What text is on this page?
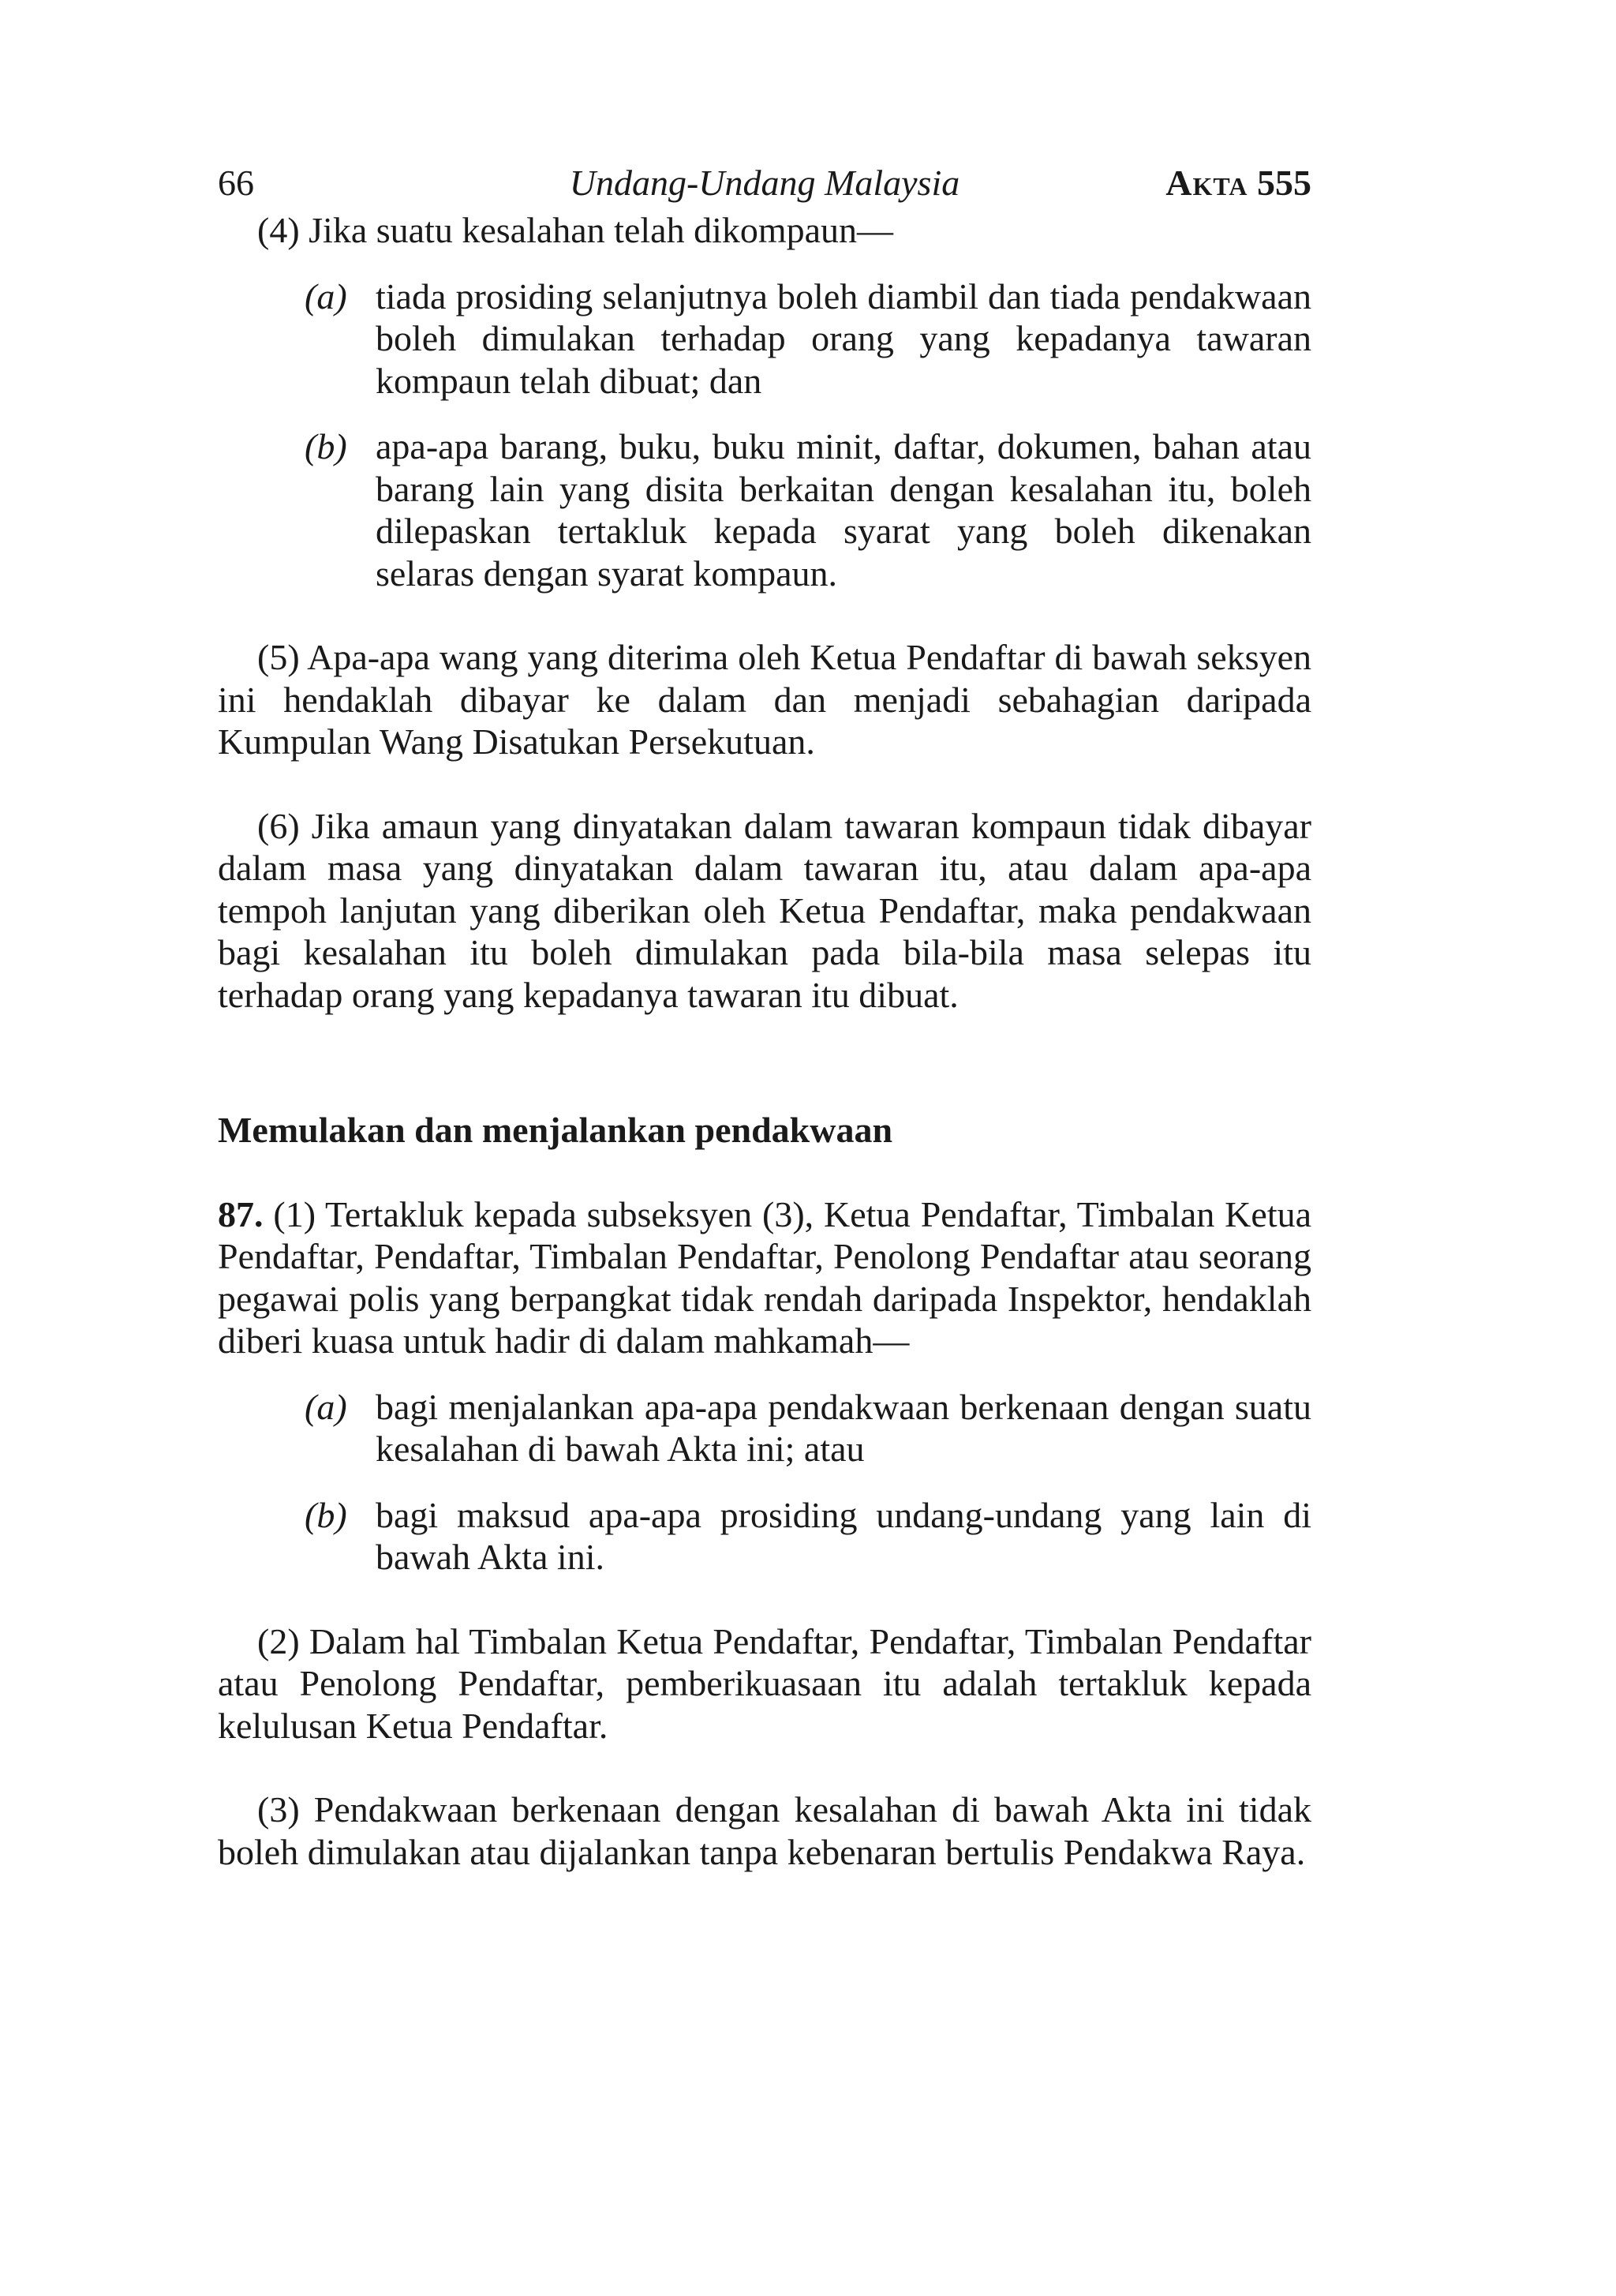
66	Undang-Undang Malaysia	Akta 555

(4) Jika suatu kesalahan telah dikompaun—

(a) tiada prosiding selanjutnya boleh diambil dan tiada pendakwaan boleh dimulakan terhadap orang yang kepadanya tawaran kompaun telah dibuat; dan
(b) apa-apa barang, buku, buku minit, daftar, dokumen, bahan atau barang lain yang disita berkaitan dengan kesalahan itu, boleh dilepaskan tertakluk kepada syarat yang boleh dikenakan selaras dengan syarat kompaun.

(5) Apa-apa wang yang diterima oleh Ketua Pendaftar di bawah seksyen ini hendaklah dibayar ke dalam dan menjadi sebahagian daripada Kumpulan Wang Disatukan Persekutuan.

(6) Jika amaun yang dinyatakan dalam tawaran kompaun tidak dibayar dalam masa yang dinyatakan dalam tawaran itu, atau dalam apa-apa tempoh lanjutan yang diberikan oleh Ketua Pendaftar, maka pendakwaan bagi kesalahan itu boleh dimulakan pada bila-bila masa selepas itu terhadap orang yang kepadanya tawaran itu dibuat.

Memulakan dan menjalankan pendakwaan

87. (1) Tertakluk kepada subseksyen (3), Ketua Pendaftar, Timbalan Ketua Pendaftar, Pendaftar, Timbalan Pendaftar, Penolong Pendaftar atau seorang pegawai polis yang berpangkat tidak rendah daripada Inspektor, hendaklah diberi kuasa untuk hadir di dalam mahkamah—

(a) bagi menjalankan apa-apa pendakwaan berkenaan dengan suatu kesalahan di bawah Akta ini; atau
(b) bagi maksud apa-apa prosiding undang-undang yang lain di bawah Akta ini.

(2) Dalam hal Timbalan Ketua Pendaftar, Pendaftar, Timbalan Pendaftar atau Penolong Pendaftar, pemberikuasaan itu adalah tertakluk kepada kelulusan Ketua Pendaftar.

(3) Pendakwaan berkenaan dengan kesalahan di bawah Akta ini tidak boleh dimulakan atau dijalankan tanpa kebenaran bertulis Pendakwa Raya.
